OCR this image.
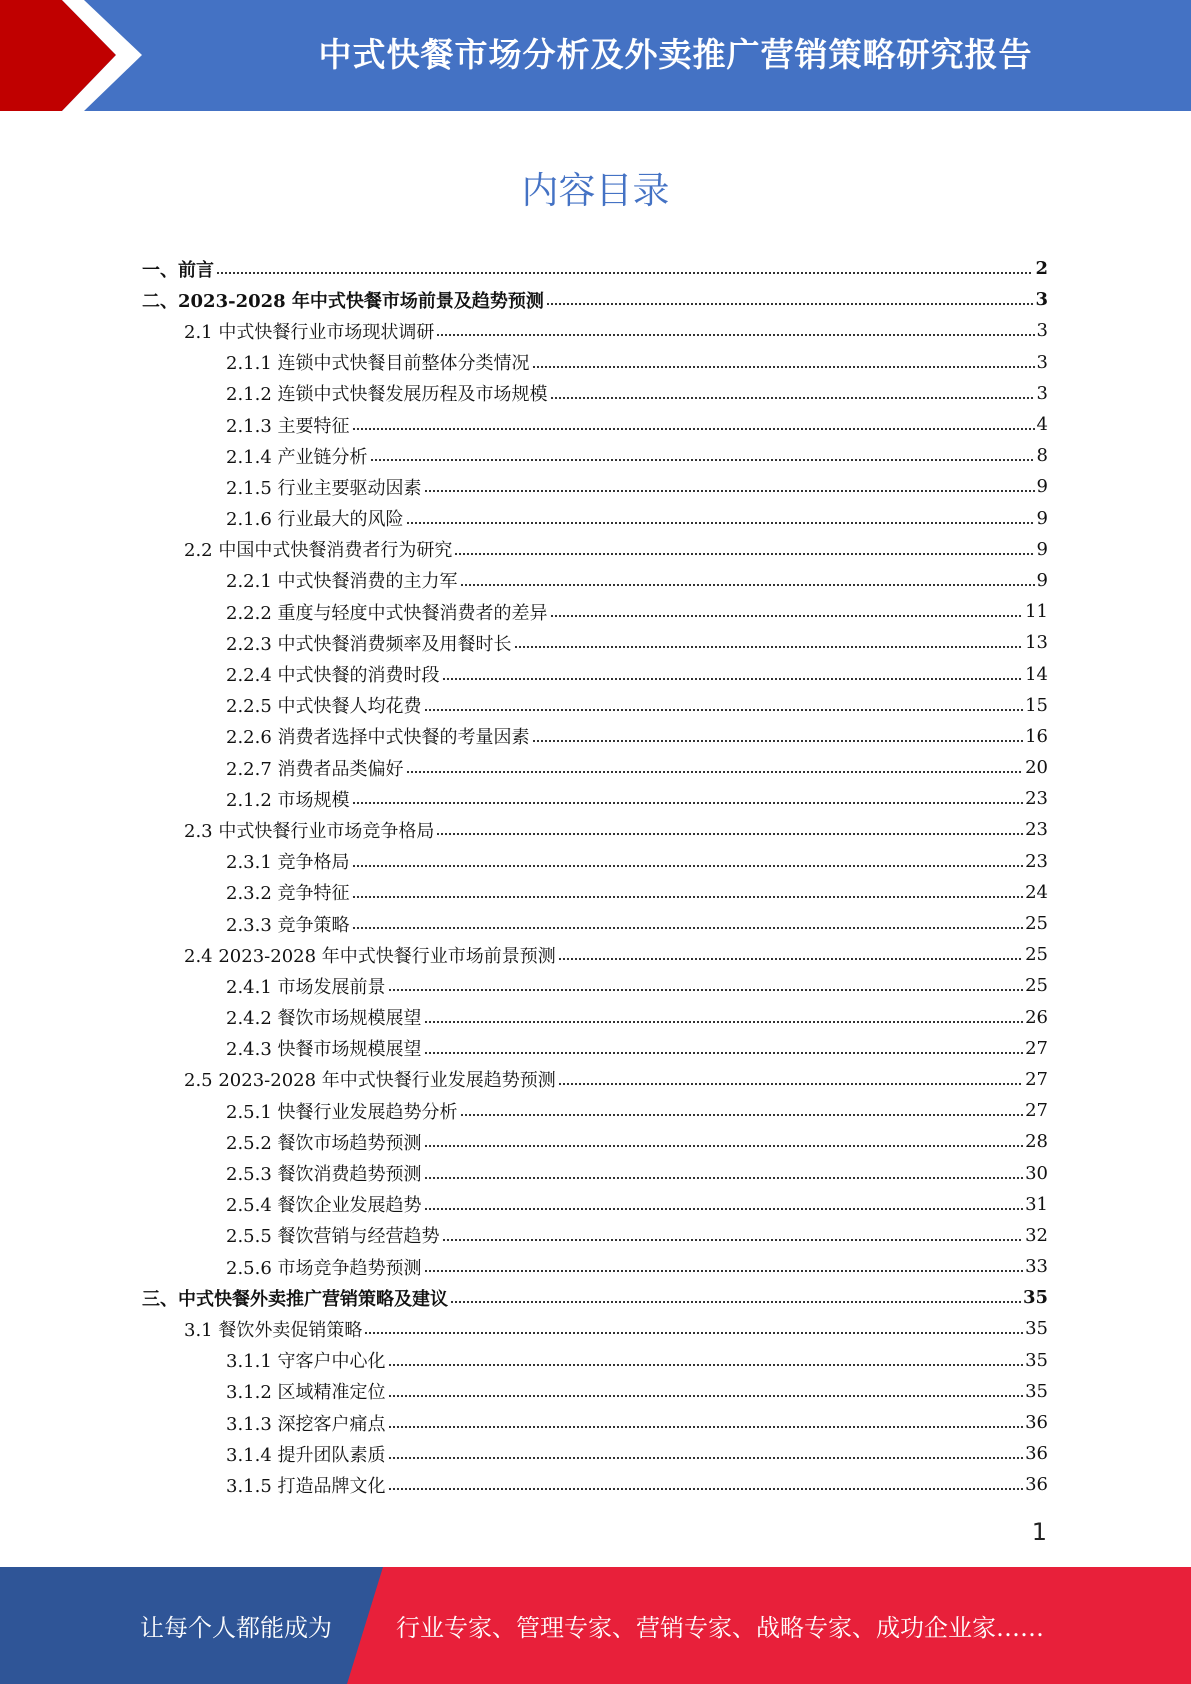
中式快餐市场分析及外卖推广营销策略研究报告
内容目录
一、前言	2
二、2023-2028 年中式快餐市场前景及趋势预测	3
2.1 中式快餐行业市场现状调研	3
2.1.1 连锁中式快餐目前整体分类情况	3
2.1.2 连锁中式快餐发展历程及市场规模	3
2.1.3 主要特征	4
2.1.4 产业链分析	8
2.1.5 行业主要驱动因素	9
2.1.6 行业最大的风险	9
2.2 中国中式快餐消费者行为研究	9
2.2.1 中式快餐消费的主力军	9
2.2.2 重度与轻度中式快餐消费者的差异	11
2.2.3 中式快餐消费频率及用餐时长	13
2.2.4 中式快餐的消费时段	14
2.2.5 中式快餐人均花费	15
2.2.6 消费者选择中式快餐的考量因素	16
2.2.7 消费者品类偏好	20
2.1.2 市场规模	23
2.3 中式快餐行业市场竞争格局	23
2.3.1 竞争格局	23
2.3.2 竞争特征	24
2.3.3 竞争策略	25
2.4 2023-2028 年中式快餐行业市场前景预测	25
2.4.1 市场发展前景	25
2.4.2 餐饮市场规模展望	26
2.4.3 快餐市场规模展望	27
2.5 2023-2028 年中式快餐行业发展趋势预测	27
2.5.1 快餐行业发展趋势分析	27
2.5.2 餐饮市场趋势预测	28
2.5.3 餐饮消费趋势预测	30
2.5.4 餐饮企业发展趋势	31
2.5.5 餐饮营销与经营趋势	32
2.5.6 市场竞争趋势预测	33
三、中式快餐外卖推广营销策略及建议	35
3.1 餐饮外卖促销策略	35
3.1.1 守客户中心化	35
3.1.2 区域精准定位	35
3.1.3 深挖客户痛点	36
3.1.4 提升团队素质	36
3.1.5 打造品牌文化	36
1
让每个人都能成为	行业专家、管理专家、营销专家、战略专家、成功企业家……
